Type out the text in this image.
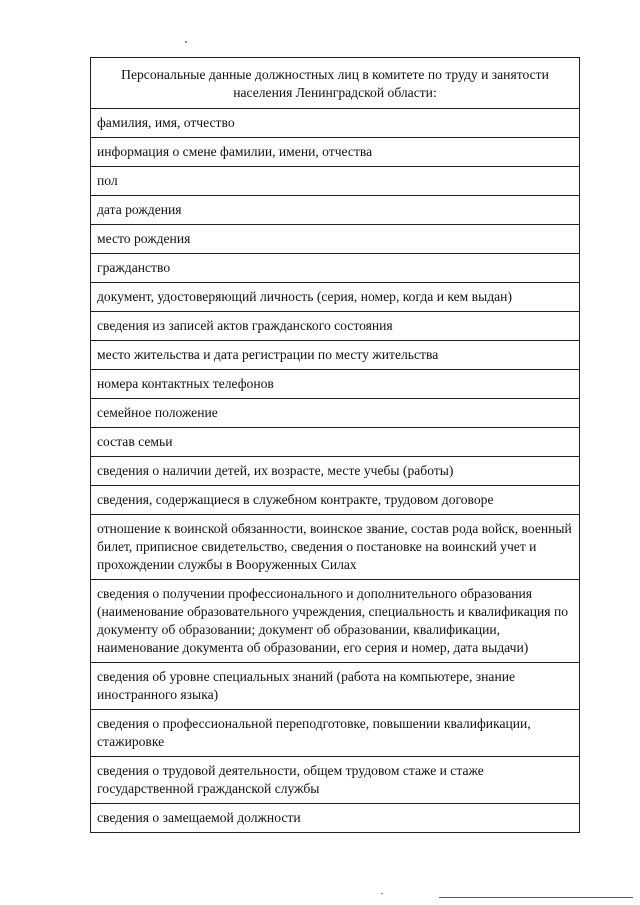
Персональные данные должностных лиц в комитете по труду и занятости населения Ленинградской области:
фамилия, имя, отчество
информация о смене фамилии, имени, отчества
пол
дата рождения
место рождения
гражданство
документ, удостоверяющий личность (серия, номер, когда и кем выдан)
сведения из записей актов гражданского состояния
место жительства и дата регистрации по месту жительства
номера контактных телефонов
семейное положение
состав семьи
сведения о наличии детей, их возрасте, месте учебы (работы)
сведения, содержащиеся в служебном контракте, трудовом договоре
отношение к воинской обязанности, воинское звание, состав рода войск, военный билет, приписное свидетельство, сведения о постановке на воинский учет и прохождении службы в Вооруженных Силах
сведения о получении профессионального и дополнительного образования (наименование образовательного учреждения, специальность и квалификация по документу об образовании; документ об образовании, квалификации, наименование документа об образовании, его серия и номер, дата выдачи)
сведения об уровне специальных знаний (работа на компьютере, знание иностранного языка)
сведения о профессиональной переподготовке, повышении квалификации, стажировке
сведения о трудовой деятельности, общем трудовом стаже и стаже государственной гражданской службы
сведения о замещаемой должности
